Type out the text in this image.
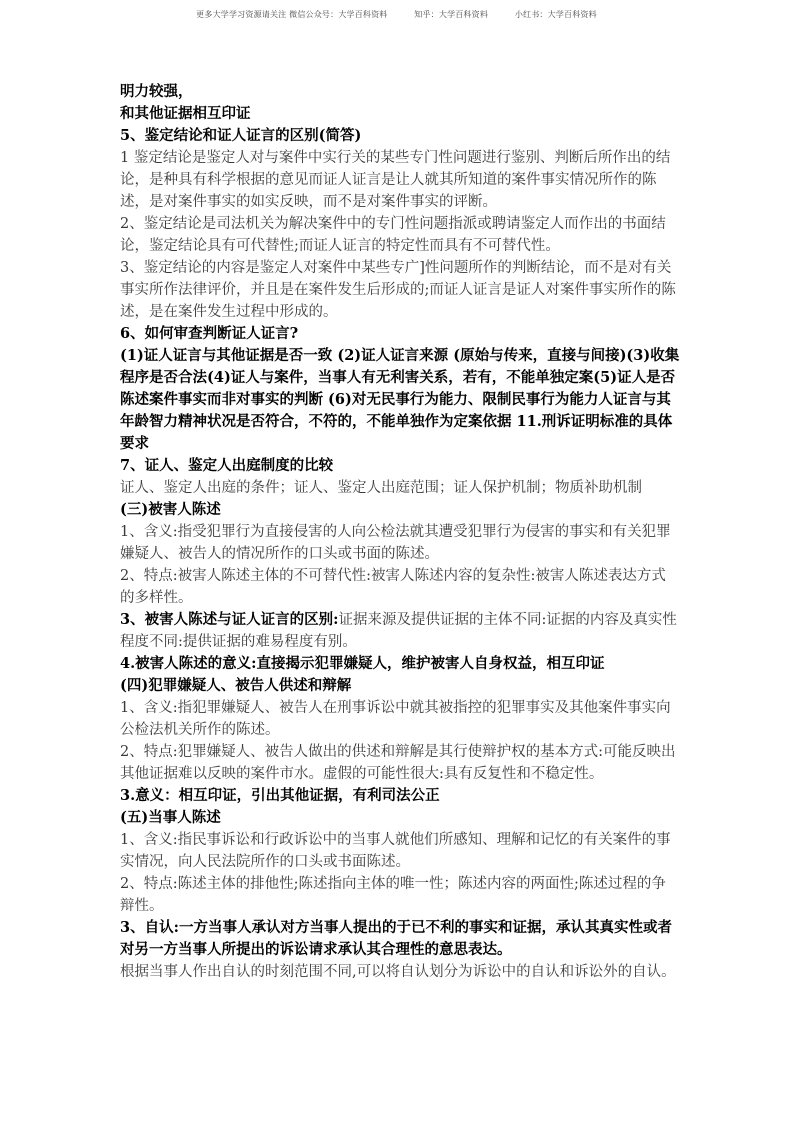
更多大学学习资源请关注 微信公众号：大学百科资料	知乎：大学百科资料	小红书：大学百科资料

明力较强，

和其他证据相互印证

5、鉴定结论和证人证言的区别(简答)

1 鉴定结论是鉴定人对与案件中实行关的某些专门性问题进行鉴别、判断后所作出的结论，是种具有科学根据的意见而证人证言是让人就其所知道的案件事实情况所作的陈述，是对案件事实的如实反映，而不是对案件事实的评断。

2、鉴定结论是司法机关为解决案件中的专门性问题指派或聘请鉴定人而作出的书面结论，鉴定结论具有可代替性;而证人证言的特定性而具有不可替代性。

3、鉴定结论的内容是鉴定人对案件中某些专广]性问题所作的判断结论，而不是对有关事实所作法律评价，并且是在案件发生后形成的;而证人证言是证人对案件事实所作的陈述，是在案件发生过程中形成的。

6、如何审查判断证人证言?

(1)证人证言与其他证据是否一致 (2)证人证言来源 (原始与传来，直接与间接)(3)收集程序是否合法(4)证人与案件，当事人有无利害关系，若有，不能单独定案(5)证人是否陈述案件事实而非对事实的判断 (6)对无民事行为能力、限制民事行为能力人证言与其年龄智力精神状况是否符合，不符的，不能单独作为定案依据 11.刑诉证明标准的具体要求

7、证人、鉴定人出庭制度的比较

证人、鉴定人出庭的条件；证人、鉴定人出庭范围；证人保护机制；物质补助机制

(三)被害人陈述

1、含义:指受犯罪行为直接侵害的人向公检法就其遭受犯罪行为侵害的事实和有关犯罪嫌疑人、被告人的情况所作的口头或书面的陈述。

2、特点:被害人陈述主体的不可替代性:被害人陈述内容的复杂性:被害人陈述表达方式的多样性。

3、被害人陈述与证人证言的区别:证据来源及提供证据的主体不同:证据的内容及真实性程度不同:提供证据的难易程度有别。

4.被害人陈述的意义:直接揭示犯罪嫌疑人，维护被害人自身权益，相互印证

(四)犯罪嫌疑人、被告人供述和辩解

1、含义:指犯罪嫌疑人、被告人在刑事诉讼中就其被指控的犯罪事实及其他案件事实向公检法机关所作的陈述。

2、特点:犯罪嫌疑人、被告人做出的供述和辩解是其行使辩护权的基本方式:可能反映出其他证据难以反映的案件市水。虚假的可能性很大:具有反复性和不稳定性。

3.意义：相互印证，引出其他证据，有利司法公正

(五)当事人陈述

1、含义:指民事诉讼和行政诉讼中的当事人就他们所感知、理解和记忆的有关案件的事实情况，向人民法院所作的口头或书面陈述。

2、特点:陈述主体的排他性;陈述指向主体的唯一性；陈述内容的两面性;陈述过程的争辩性。

3、自认:一方当事人承认对方当事人提出的于已不利的事实和证据，承认其真实性或者对另一方当事人所提出的诉讼请求承认其合理性的意思表达。

根据当事人作出自认的时刻范围不同,可以将自认划分为诉讼中的自认和诉讼外的自认。
